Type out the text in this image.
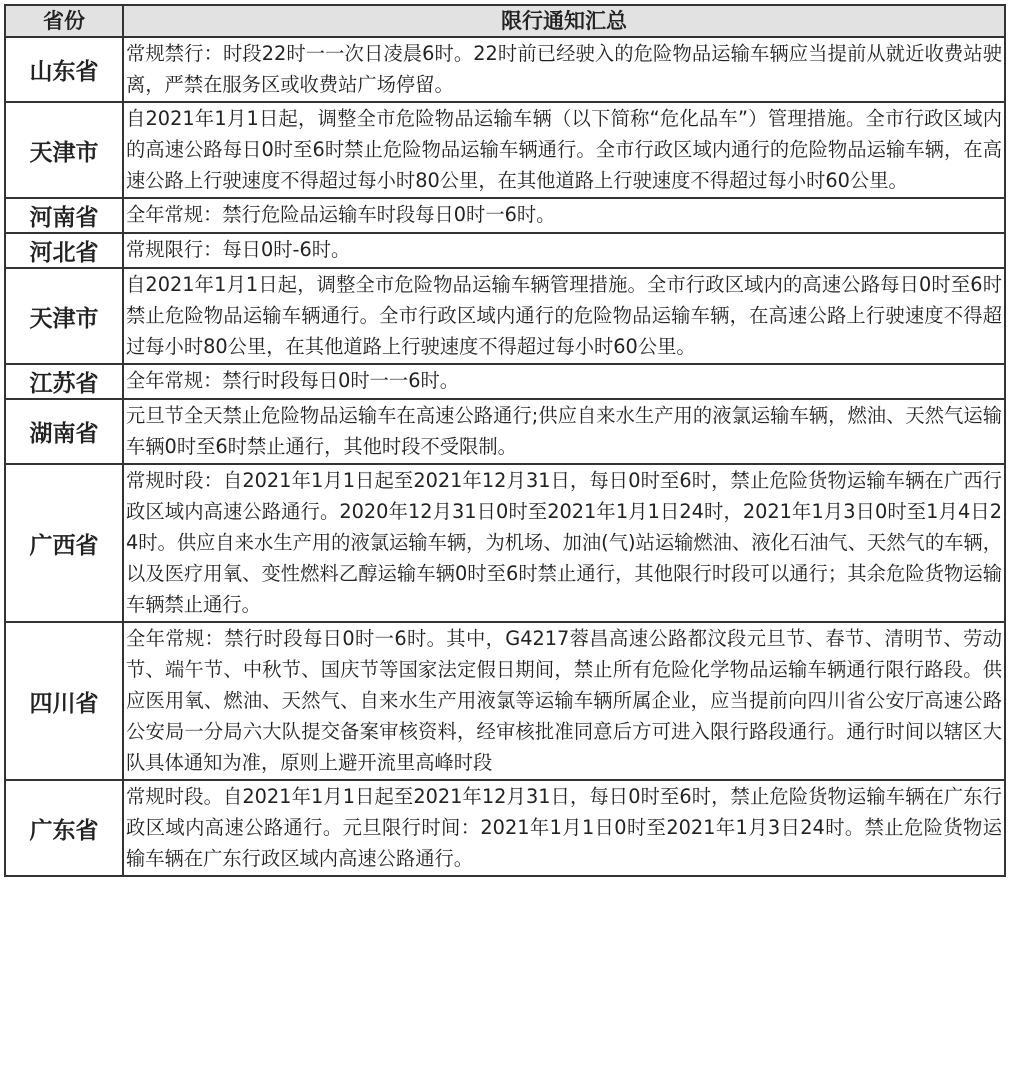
省份	限行通知汇总
山东省	常规禁行：时段22时一一次日凌晨6时。22时前已经驶入的危险物品运输车辆应当提前从就近收费站驶离，严禁在服务区或收费站广场停留。
天津市	自2021年1月1日起，调整全市危险物品运输车辆（以下简称“危化品车”）管理措施。全市行政区域内的高速公路每日0时至6时禁止危险物品运输车辆通行。全市行政区域内通行的危险物品运输车辆，在高速公路上行驶速度不得超过每小时80公里，在其他道路上行驶速度不得超过每小时60公里。
河南省	全年常规：禁行危险品运输车时段每日0时一6时。
河北省	常规限行：每日0时-6时。
天津市	自2021年1月1日起，调整全市危险物品运输车辆管理措施。全市行政区域内的高速公路每日0时至6时禁止危险物品运输车辆通行。全市行政区域内通行的危险物品运输车辆，在高速公路上行驶速度不得超过每小时80公里，在其他道路上行驶速度不得超过每小时60公里。
江苏省	全年常规：禁行时段每日0时一一6时。
湖南省	元旦节全天禁止危险物品运输车在高速公路通行;供应自来水生产用的液氯运输车辆，燃油、天然气运输车辆0时至6时禁止通行，其他时段不受限制。
广西省	常规时段：自2021年1月1日起至2021年12月31日，每日0时至6时，禁止危险货物运输车辆在广西行政区域内高速公路通行。2020年12月31日0时至2021年1月1日24时，2021年1月3日0时至1月4日24时。供应自来水生产用的液氯运输车辆，为机场、加油(气)站运输燃油、液化石油气、天然气的车辆，以及医疗用氧、变性燃料乙醇运输车辆0时至6时禁止通行，其他限行时段可以通行；其余危险货物运输车辆禁止通行。
四川省	全年常规：禁行时段每日0时一6时。其中，G4217蓉昌高速公路都汶段元旦节、春节、清明节、劳动节、端午节、中秋节、国庆节等国家法定假日期间，禁止所有危险化学物品运输车辆通行限行路段。供应医用氧、燃油、天然气、自来水生产用液氯等运输车辆所属企业，应当提前向四川省公安厅高速公路公安局一分局六大队提交备案审核资料，经审核批准同意后方可进入限行路段通行。通行时间以辖区大队具体通知为准，原则上避开流里高峰时段
广东省	常规时段。自2021年1月1日起至2021年12月31日，每日0时至6时，禁止危险货物运输车辆在广东行政区域内高速公路通行。元旦限行时间：2021年1月1日0时至2021年1月3日24时。禁止危险货物运输车辆在广东行政区域内高速公路通行。
